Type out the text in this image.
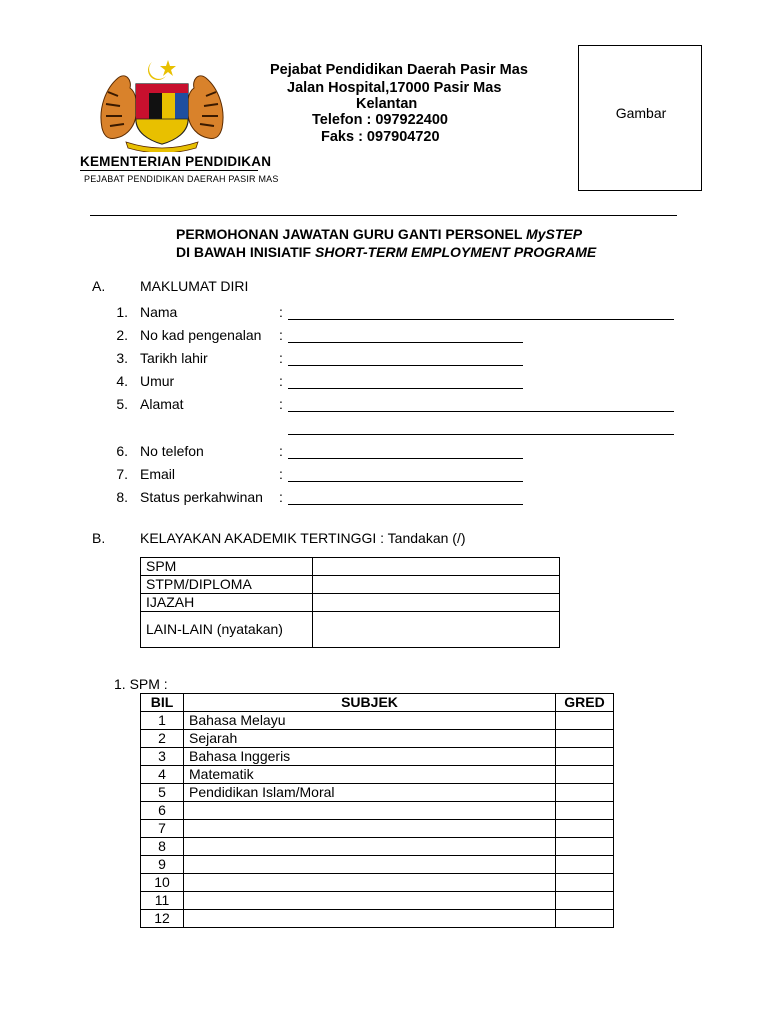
KEMENTERIAN PENDIDIKAN
PEJABAT PENDIDIKAN DAERAH PASIR MAS
Pejabat Pendidikan Daerah Pasir Mas
Jalan Hospital,17000 Pasir Mas
Kelantan
Telefon : 097922400
Faks : 097904720
Gambar
PERMOHONAN JAWATAN GURU GANTI PERSONEL MySTEP
DI BAWAH INISIATIF SHORT-TERM EMPLOYMENT PROGRAME
A. MAKLUMAT DIRI
1. Nama	:
2. No kad pengenalan :
3. Tarikh lahir	:
4. Umur	:
5. Alamat	:
6. No telefon	:
7. Email	:
8. Status perkahwinan :
B. KELAYAKAN AKADEMIK TERTINGGI : Tandakan (/)
SPM	
STPM/DIPLOMA	
IJAZAH	
LAIN-LAIN (nyatakan)	
1. SPM :
BIL	SUBJEK	GRED
1	Bahasa Melayu	
2	Sejarah	
3	Bahasa Inggeris	
4	Matematik	
5	Pendidikan Islam/Moral	
6		
7		
8		
9		
10		
11		
12		
